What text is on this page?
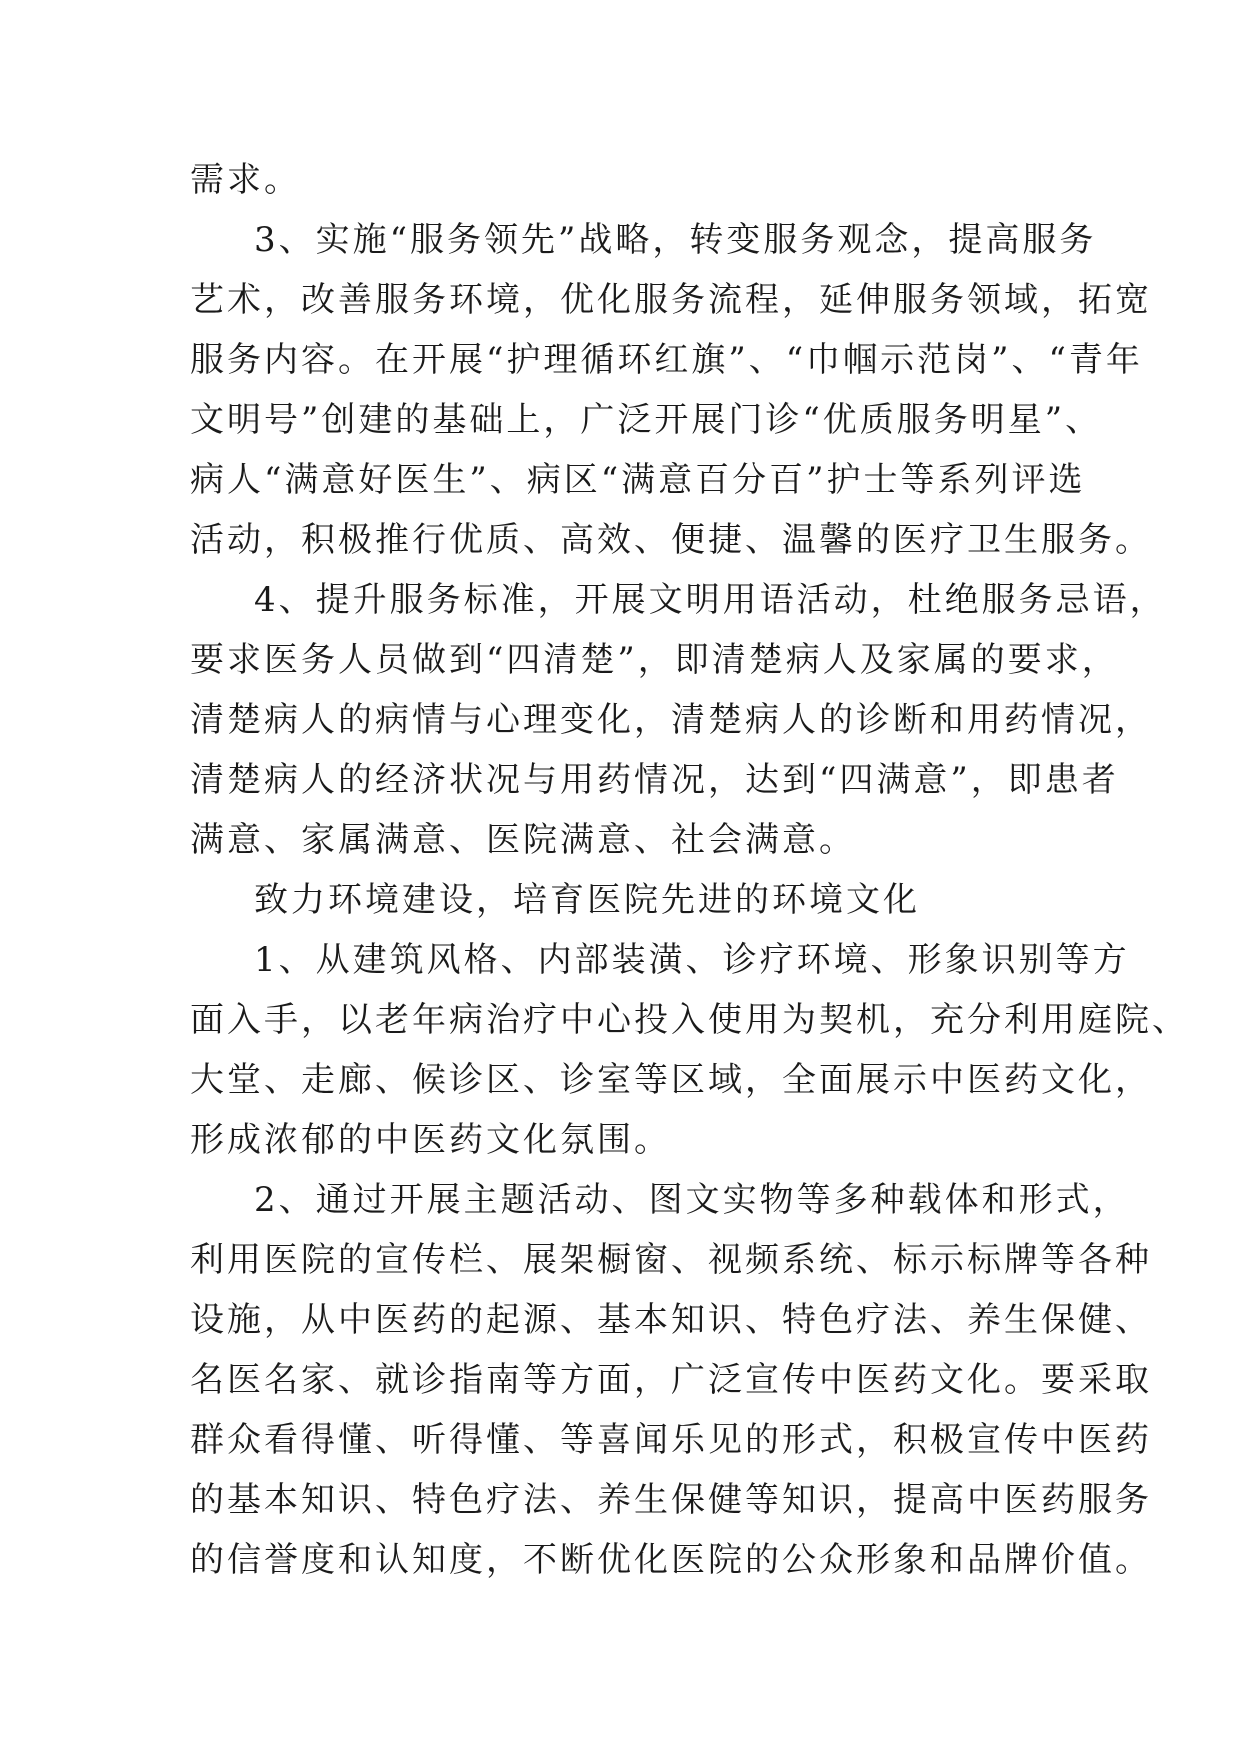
需求。
3、实施“服务领先”战略，转变服务观念，提高服务
艺术，改善服务环境，优化服务流程，延伸服务领域，拓宽
服务内容。在开展“护理循环红旗”、“巾帼示范岗”、“青年
文明号”创建的基础上，广泛开展门诊“优质服务明星”、
病人“满意好医生”、病区“满意百分百”护士等系列评选
活动，积极推行优质、高效、便捷、温馨的医疗卫生服务。
4、提升服务标准，开展文明用语活动，杜绝服务忌语，
要求医务人员做到“四清楚”，即清楚病人及家属的要求，
清楚病人的病情与心理变化，清楚病人的诊断和用药情况，
清楚病人的经济状况与用药情况，达到“四满意”，即患者
满意、家属满意、医院满意、社会满意。
致力环境建设，培育医院先进的环境文化
1、从建筑风格、内部装潢、诊疗环境、形象识别等方
面入手，以老年病治疗中心投入使用为契机，充分利用庭院、
大堂、走廊、候诊区、诊室等区域，全面展示中医药文化，
形成浓郁的中医药文化氛围。
2、通过开展主题活动、图文实物等多种载体和形式，
利用医院的宣传栏、展架橱窗、视频系统、标示标牌等各种
设施，从中医药的起源、基本知识、特色疗法、养生保健、
名医名家、就诊指南等方面，广泛宣传中医药文化。要采取
群众看得懂、听得懂、等喜闻乐见的形式，积极宣传中医药
的基本知识、特色疗法、养生保健等知识，提高中医药服务
的信誉度和认知度，不断优化医院的公众形象和品牌价值。
